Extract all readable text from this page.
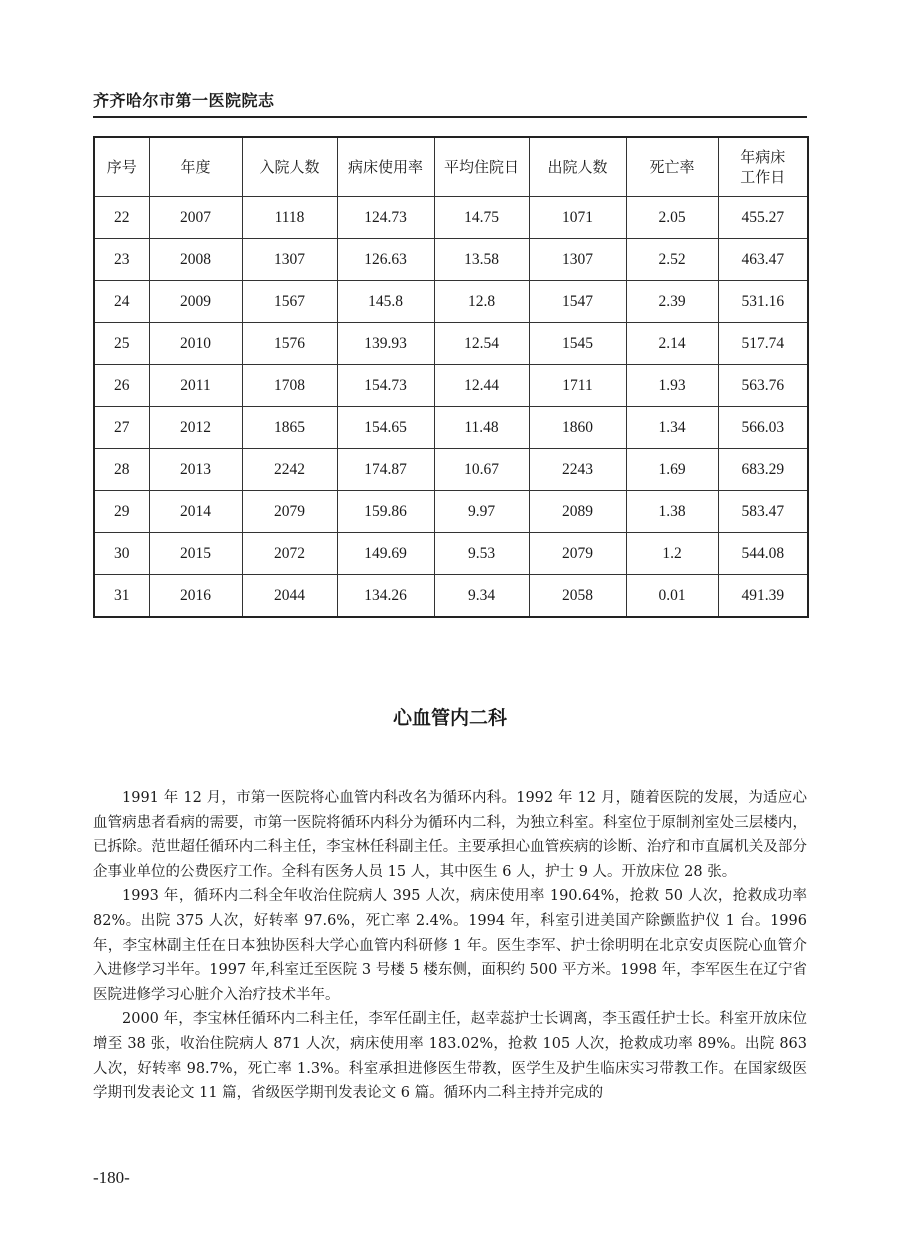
齐齐哈尔市第一医院院志
序号	年度	入院人数	病床使用率	平均住院日	出院人数	死亡率	年病床
工作日

22	2007	1118	124.73	14.75	1071	2.05	455.27
23	2008	1307	126.63	13.58	1307	2.52	463.47
24	2009	1567	145.8	12.8	1547	2.39	531.16
25	2010	1576	139.93	12.54	1545	2.14	517.74
26	2011	1708	154.73	12.44	1711	1.93	563.76
27	2012	1865	154.65	11.48	1860	1.34	566.03
28	2013	2242	174.87	10.67	2243	1.69	683.29
29	2014	2079	159.86	9.97	2089	1.38	583.47
30	2015	2072	149.69	9.53	2079	1.2	544.08
31	2016	2044	134.26	9.34	2058	0.01	491.39
心血管内二科

1991 年 12 月，市第一医院将心血管内科改名为循环内科。1992 年 12 月，随着医院的发展，为适应心血管病患者看病的需要，市第一医院将循环内科分为循环内二科，为独立科室。科室位于原制剂室处三层楼内，已拆除。范世超任循环内二科主任，李宝林任科副主任。主要承担心血管疾病的诊断、治疗和市直属机关及部分企事业单位的公费医疗工作。全科有医务人员 15 人，其中医生 6 人，护士 9 人。开放床位 28 张。

1993 年，循环内二科全年收治住院病人 395 人次，病床使用率 190.64%，抢救 50 人次，抢救成功率 82%。出院 375 人次，好转率 97.6%，死亡率 2.4%。1994 年，科室引进美国产除颤监护仪 1 台。1996 年，李宝林副主任在日本独协医科大学心血管内科研修 1 年。医生李军、护士徐明明在北京安贞医院心血管介入进修学习半年。1997 年,科室迁至医院 3 号楼 5 楼东侧，面积约 500 平方米。1998 年，李军医生在辽宁省医院进修学习心脏介入治疗技术半年。

2000 年，李宝林任循环内二科主任，李军任副主任，赵幸蕊护士长调离，李玉霞任护士长。科室开放床位增至 38 张，收治住院病人 871 人次，病床使用率 183.02%，抢救 105 人次，抢救成功率 89%。出院 863 人次，好转率 98.7%，死亡率 1.3%。科室承担进修医生带教，医学生及护生临床实习带教工作。在国家级医学期刊发表论文 11 篇，省级医学期刊发表论文 6 篇。循环内二科主持并完成的

-180-
